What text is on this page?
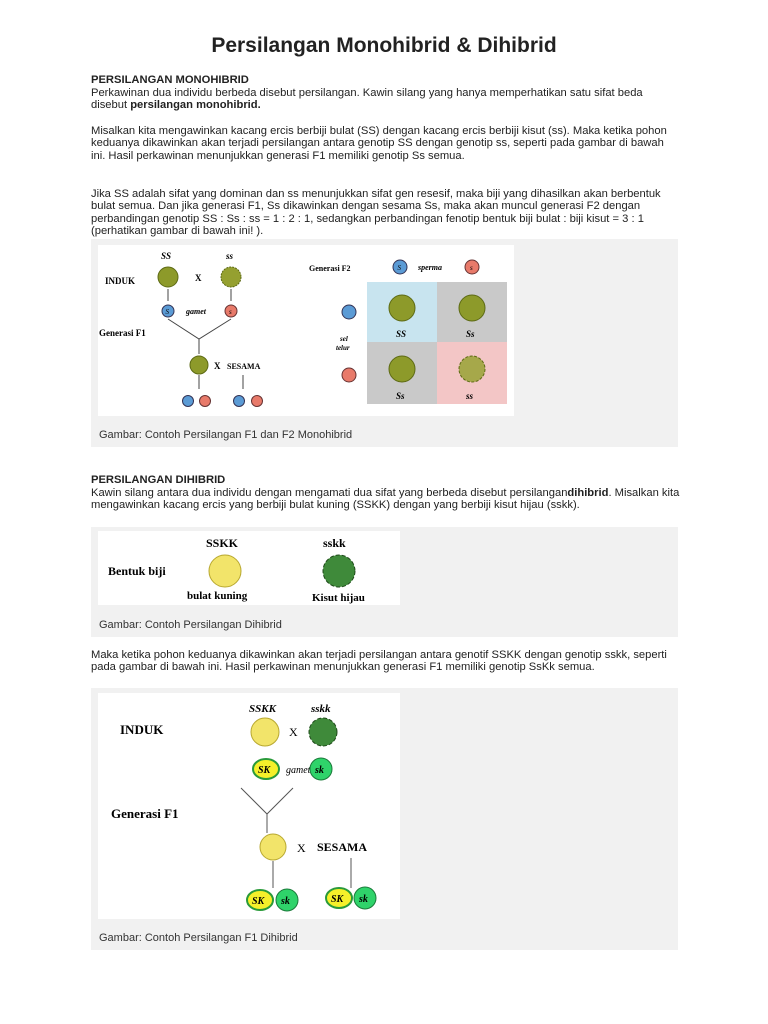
Persilangan Monohibrid & Dihibrid
PERSILANGAN MONOHIBRID
Perkawinan dua individu berbeda disebut persilangan. Kawin silang yang hanya memperhatikan satu sifat beda disebut persilangan monohibrid.
Misalkan kita mengawinkan kacang ercis berbiji bulat (SS) dengan kacang ercis berbiji kisut (ss). Maka ketika pohon keduanya dikawinkan akan terjadi persilangan antara genotip SS dengan genotip ss, seperti pada gambar di bawah ini. Hasil perkawinan menunjukkan generasi F1 memiliki genotip Ss semua.
Jika SS adalah sifat yang dominan dan ss menunjukkan sifat gen resesif, maka biji yang dihasilkan akan berbentuk bulat semua. Dan jika generasi F1, Ss dikawinkan dengan sesama Ss, maka akan muncul generasi F2 dengan perbandingan genotip SS : Ss : ss = 1 : 2 : 1, sedangkan perbandingan fenotip bentuk biji bulat : biji kisut = 3 : 1 (perhatikan gambar di bawah ini! ).
INDUK
SS	ss
X
S gamet	s
Generasi F1
X SESAMA
Generasi F2	S sperma	s
sel
telur
SS	Ss
Ss	ss
Gambar: Contoh Persilangan F1 dan F2 Monohibrid
PERSILANGAN DIHIBRID
Kawin silang antara dua individu dengan mengamati dua sifat yang berbeda disebut persilangandihibrid. Misalkan kita mengawinkan kacang ercis yang berbiji bulat kuning (SSKK) dengan yang berbiji kisut hijau (sskk).
Bentuk biji
SSKK	sskk
bulat kuning	Kisut hijau
Gambar: Contoh Persilangan Dihibrid
Maka ketika pohon keduanya dikawinkan akan terjadi persilangan antara genotif SSKK dengan genotip sskk, seperti pada gambar di bawah ini. Hasil perkawinan menunjukkan generasi F1 memiliki genotip SsKk semua.
INDUK
SSKK	sskk
X
SK gamet sk
Generasi F1
X SESAMA
SK sk	SK sk
Gambar: Contoh Persilangan F1 Dihibrid
